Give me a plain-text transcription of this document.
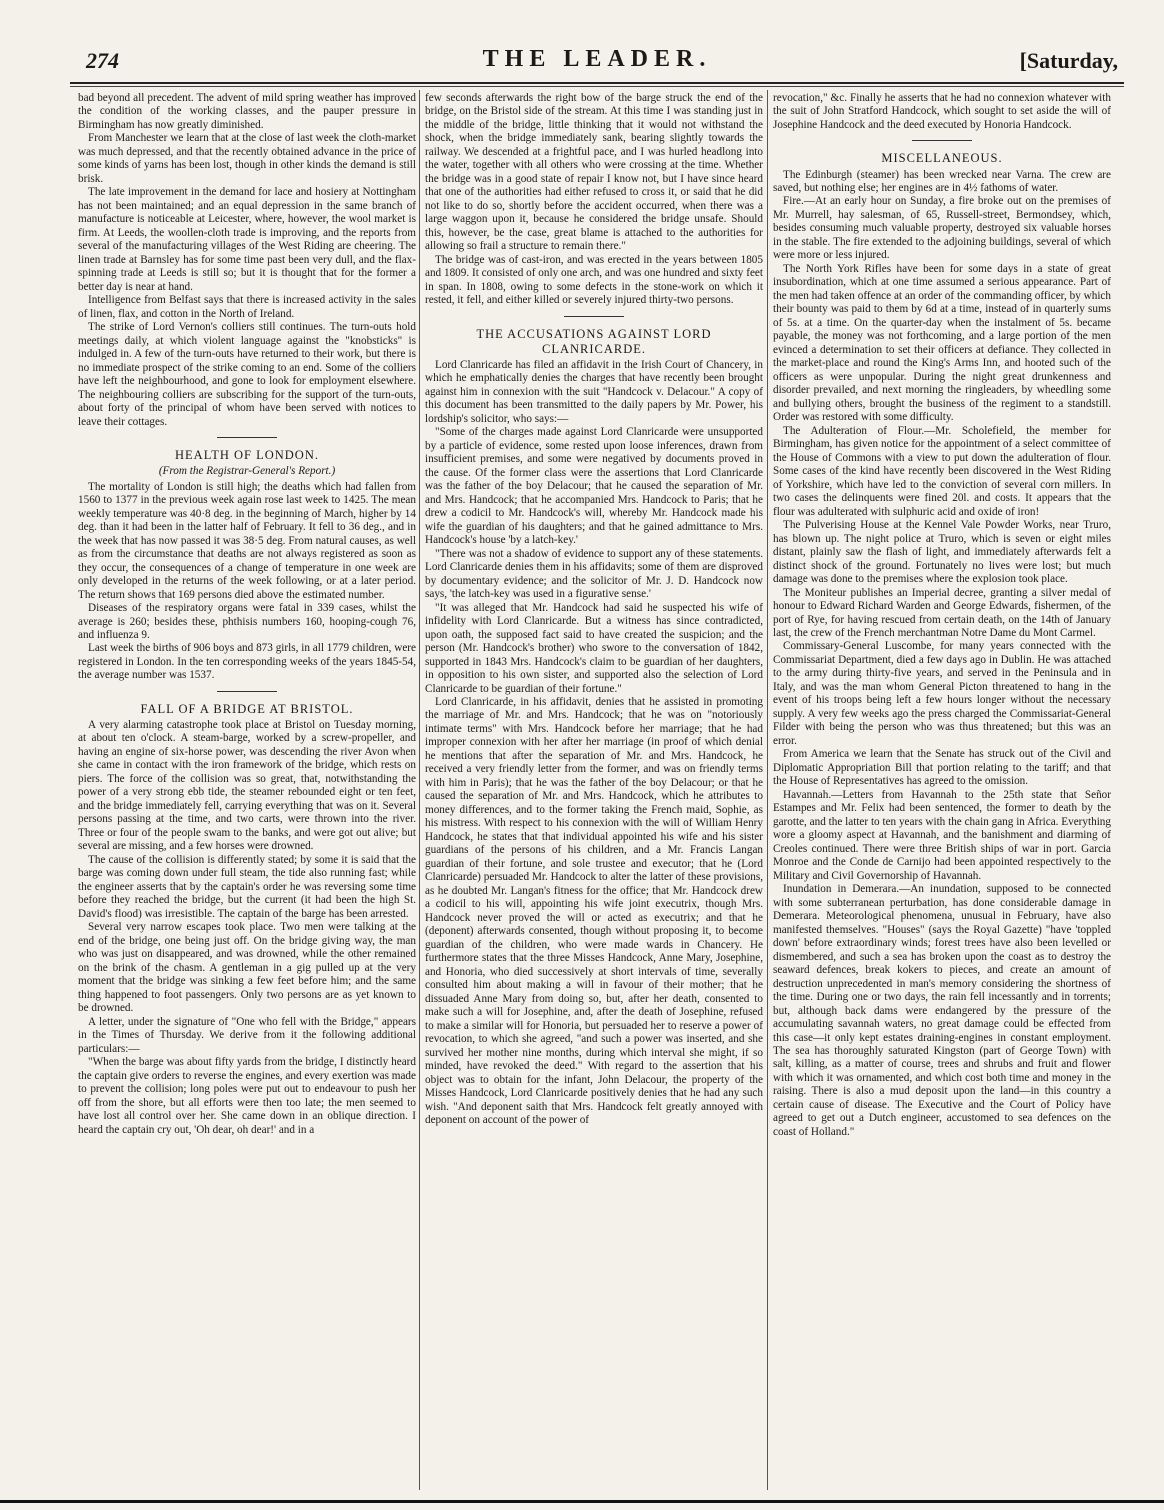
274	THE LEADER.	[Saturday,

bad beyond all precedent. The advent of mild spring weather has improved the condition of the working classes, and the pauper pressure in Birmingham has now greatly diminished.

From Manchester we learn that at the close of last week the cloth-market was much depressed, and that the recently obtained advance in the price of some kinds of yarns has been lost, though in other kinds the demand is still brisk.

The late improvement in the demand for lace and hosiery at Nottingham has not been maintained; and an equal depression in the same branch of manufacture is noticeable at Leicester, where, however, the wool market is firm. At Leeds, the woollen-cloth trade is improving, and the reports from several of the manufacturing villages of the West Riding are cheering. The linen trade at Barnsley has for some time past been very dull, and the flax-spinning trade at Leeds is still so; but it is thought that for the former a better day is near at hand.

Intelligence from Belfast says that there is increased activity in the sales of linen, flax, and cotton in the North of Ireland.

The strike of Lord Vernon's colliers still continues. The turn-outs hold meetings daily, at which violent language against the "knobsticks" is indulged in. A few of the turn-outs have returned to their work, but there is no immediate prospect of the strike coming to an end. Some of the colliers have left the neighbourhood, and gone to look for employment elsewhere. The neighbouring colliers are subscribing for the support of the turn-outs, about forty of the principal of whom have been served with notices to leave their cottages.

HEALTH OF LONDON.

(From the Registrar-General's Report.)

The mortality of London is still high; the deaths which had fallen from 1560 to 1377 in the previous week again rose last week to 1425. The mean weekly temperature was 40·8 deg. in the beginning of March, higher by 14 deg. than it had been in the latter half of February. It fell to 36 deg., and in the week that has now passed it was 38·5 deg. From natural causes, as well as from the circumstance that deaths are not always registered as soon as they occur, the consequences of a change of temperature in one week are only developed in the returns of the week following, or at a later period. The return shows that 169 persons died above the estimated number.

Diseases of the respiratory organs were fatal in 339 cases, whilst the average is 260; besides these, phthisis numbers 160, hooping-cough 76, and influenza 9.

Last week the births of 906 boys and 873 girls, in all 1779 children, were registered in London. In the ten corresponding weeks of the years 1845-54, the average number was 1537.

FALL OF A BRIDGE AT BRISTOL.

A very alarming catastrophe took place at Bristol on Tuesday morning, at about ten o'clock. A steam-barge, worked by a screw-propeller, and having an engine of six-horse power, was descending the river Avon when she came in contact with the iron framework of the bridge, which rests on piers. The force of the collision was so great, that, notwithstanding the power of a very strong ebb tide, the steamer rebounded eight or ten feet, and the bridge immediately fell, carrying everything that was on it. Several persons passing at the time, and two carts, were thrown into the river. Three or four of the people swam to the banks, and were got out alive; but several are missing, and a few horses were drowned.

The cause of the collision is differently stated; by some it is said that the barge was coming down under full steam, the tide also running fast; while the engineer asserts that by the captain's order he was reversing some time before they reached the bridge, but the current (it had been the high St. David's flood) was irresistible. The captain of the barge has been arrested.

Several very narrow escapes took place. Two men were talking at the end of the bridge, one being just off. On the bridge giving way, the man who was just on disappeared, and was drowned, while the other remained on the brink of the chasm. A gentleman in a gig pulled up at the very moment that the bridge was sinking a few feet before him; and the same thing happened to foot passengers. Only two persons are as yet known to be drowned.

A letter, under the signature of "One who fell with the Bridge," appears in the Times of Thursday. We derive from it the following additional particulars:—

"When the barge was about fifty yards from the bridge, I distinctly heard the captain give orders to reverse the engines, and every exertion was made to prevent the collision; long poles were put out to endeavour to push her off from the shore, but all efforts were then too late; the men seemed to have lost all control over her. She came down in an oblique direction. I heard the captain cry out, 'Oh dear, oh dear!' and in a

few seconds afterwards the right bow of the barge struck the end of the bridge, on the Bristol side of the stream. At this time I was standing just in the middle of the bridge, little thinking that it would not withstand the shock, when the bridge immediately sank, bearing slightly towards the railway. We descended at a frightful pace, and I was hurled headlong into the water, together with all others who were crossing at the time. Whether the bridge was in a good state of repair I know not, but I have since heard that one of the authorities had either refused to cross it, or said that he did not like to do so, shortly before the accident occurred, when there was a large waggon upon it, because he considered the bridge unsafe. Should this, however, be the case, great blame is attached to the authorities for allowing so frail a structure to remain there."

The bridge was of cast-iron, and was erected in the years between 1805 and 1809. It consisted of only one arch, and was one hundred and sixty feet in span. In 1808, owing to some defects in the stone-work on which it rested, it fell, and either killed or severely injured thirty-two persons.

THE ACCUSATIONS AGAINST LORD CLANRICARDE.

Lord Clanricarde has filed an affidavit in the Irish Court of Chancery, in which he emphatically denies the charges that have recently been brought against him in connexion with the suit "Handcock v. Delacour." A copy of this document has been transmitted to the daily papers by Mr. Power, his lordship's solicitor, who says:—

"Some of the charges made against Lord Clanricarde were unsupported by a particle of evidence, some rested upon loose inferences, drawn from insufficient premises, and some were negatived by documents proved in the cause. Of the former class were the assertions that Lord Clanricarde was the father of the boy Delacour; that he caused the separation of Mr. and Mrs. Handcock; that he accompanied Mrs. Handcock to Paris; that he drew a codicil to Mr. Handcock's will, whereby Mr. Handcock made his wife the guardian of his daughters; and that he gained admittance to Mrs. Handcock's house 'by a latch-key.'

"There was not a shadow of evidence to support any of these statements. Lord Clanricarde denies them in his affidavits; some of them are disproved by documentary evidence; and the solicitor of Mr. J. D. Handcock now says, 'the latch-key was used in a figurative sense.'

"It was alleged that Mr. Handcock had said he suspected his wife of infidelity with Lord Clanricarde. But a witness has since contradicted, upon oath, the supposed fact said to have created the suspicion; and the person (Mr. Handcock's brother) who swore to the conversation of 1842, supported in 1843 Mrs. Handcock's claim to be guardian of her daughters, in opposition to his own sister, and supported also the selection of Lord Clanricarde to be guardian of their fortune."

Lord Clanricarde, in his affidavit, denies that he assisted in promoting the marriage of Mr. and Mrs. Handcock; that he was on "notoriously intimate terms" with Mrs. Handcock before her marriage; that he had improper connexion with her after her marriage (in proof of which denial he mentions that after the separation of Mr. and Mrs. Handcock, he received a very friendly letter from the former, and was on friendly terms with him in Paris); that he was the father of the boy Delacour; or that he caused the separation of Mr. and Mrs. Handcock, which he attributes to money differences, and to the former taking the French maid, Sophie, as his mistress. With respect to his connexion with the will of William Henry Handcock, he states that that individual appointed his wife and his sister guardians of the persons of his children, and a Mr. Francis Langan guardian of their fortune, and sole trustee and executor; that he (Lord Clanricarde) persuaded Mr. Handcock to alter the latter of these provisions, as he doubted Mr. Langan's fitness for the office; that Mr. Handcock drew a codicil to his will, appointing his wife joint executrix, though Mrs. Handcock never proved the will or acted as executrix; and that he (deponent) afterwards consented, though without proposing it, to become guardian of the children, who were made wards in Chancery. He furthermore states that the three Misses Handcock, Anne Mary, Josephine, and Honoria, who died successively at short intervals of time, severally consulted him about making a will in favour of their mother; that he dissuaded Anne Mary from doing so, but, after her death, consented to make such a will for Josephine, and, after the death of Josephine, refused to make a similar will for Honoria, but persuaded her to reserve a power of revocation, to which she agreed, "and such a power was inserted, and she survived her mother nine months, during which interval she might, if so minded, have revoked the deed." With regard to the assertion that his object was to obtain for the infant, John Delacour, the property of the Misses Handcock, Lord Clanricarde positively denies that he had any such wish. "And deponent saith that Mrs. Handcock felt greatly annoyed with deponent on account of the power of

revocation," &c. Finally he asserts that he had no connexion whatever with the suit of John Stratford Handcock, which sought to set aside the will of Josephine Handcock and the deed executed by Honoria Handcock.

MISCELLANEOUS.

The Edinburgh (steamer) has been wrecked near Varna. The crew are saved, but nothing else; her engines are in 4½ fathoms of water.

Fire.—At an early hour on Sunday, a fire broke out on the premises of Mr. Murrell, hay salesman, of 65, Russell-street, Bermondsey, which, besides consuming much valuable property, destroyed six valuable horses in the stable. The fire extended to the adjoining buildings, several of which were more or less injured.

The North York Rifles have been for some days in a state of great insubordination, which at one time assumed a serious appearance. Part of the men had taken offence at an order of the commanding officer, by which their bounty was paid to them by 6d at a time, instead of in quarterly sums of 5s. at a time. On the quarter-day when the instalment of 5s. became payable, the money was not forthcoming, and a large portion of the men evinced a determination to set their officers at defiance. They collected in the market-place and round the King's Arms Inn, and hooted such of the officers as were unpopular. During the night great drunkenness and disorder prevailed, and next morning the ringleaders, by wheedling some and bullying others, brought the business of the regiment to a standstill. Order was restored with some difficulty.

The Adulteration of Flour.—Mr. Scholefield, the member for Birmingham, has given notice for the appointment of a select committee of the House of Commons with a view to put down the adulteration of flour. Some cases of the kind have recently been discovered in the West Riding of Yorkshire, which have led to the conviction of several corn millers. In two cases the delinquents were fined 20l. and costs. It appears that the flour was adulterated with sulphuric acid and oxide of iron!

The Pulverising House at the Kennel Vale Powder Works, near Truro, has blown up. The night police at Truro, which is seven or eight miles distant, plainly saw the flash of light, and immediately afterwards felt a distinct shock of the ground. Fortunately no lives were lost; but much damage was done to the premises where the explosion took place.

The Moniteur publishes an Imperial decree, granting a silver medal of honour to Edward Richard Warden and George Edwards, fishermen, of the port of Rye, for having rescued from certain death, on the 14th of January last, the crew of the French merchantman Notre Dame du Mont Carmel.

Commissary-General Luscombe, for many years connected with the Commissariat Department, died a few days ago in Dublin. He was attached to the army during thirty-five years, and served in the Peninsula and in Italy, and was the man whom General Picton threatened to hang in the event of his troops being left a few hours longer without the necessary supply. A very few weeks ago the press charged the Commissariat-General Filder with being the person who was thus threatened; but this was an error.

From America we learn that the Senate has struck out of the Civil and Diplomatic Appropriation Bill that portion relating to the tariff; and that the House of Representatives has agreed to the omission.

Havannah.—Letters from Havannah to the 25th state that Señor Estampes and Mr. Felix had been sentenced, the former to death by the garotte, and the latter to ten years with the chain gang in Africa. Everything wore a gloomy aspect at Havannah, and the banishment and diarming of Creoles continued. There were three British ships of war in port. Garcia Monroe and the Conde de Carnijo had been appointed respectively to the Military and Civil Governorship of Havannah.

Inundation in Demerara.—An inundation, supposed to be connected with some subterranean perturbation, has done considerable damage in Demerara. Meteorological phenomena, unusual in February, have also manifested themselves. "Houses" (says the Royal Gazette) "have 'toppled down' before extraordinary winds; forest trees have also been levelled or dismembered, and such a sea has broken upon the coast as to destroy the seaward defences, break kokers to pieces, and create an amount of destruction unprecedented in man's memory considering the shortness of the time. During one or two days, the rain fell incessantly and in torrents; but, although back dams were endangered by the pressure of the accumulating savannah waters, no great damage could be effected from this case—it only kept estates draining-engines in constant employment. The sea has thoroughly saturated Kingston (part of George Town) with salt, killing, as a matter of course, trees and shrubs and fruit and flower with which it was ornamented, and which cost both time and money in the raising. There is also a mud deposit upon the land—in this country a certain cause of disease. The Executive and the Court of Policy have agreed to get out a Dutch engineer, accustomed to sea defences on the coast of Holland."
